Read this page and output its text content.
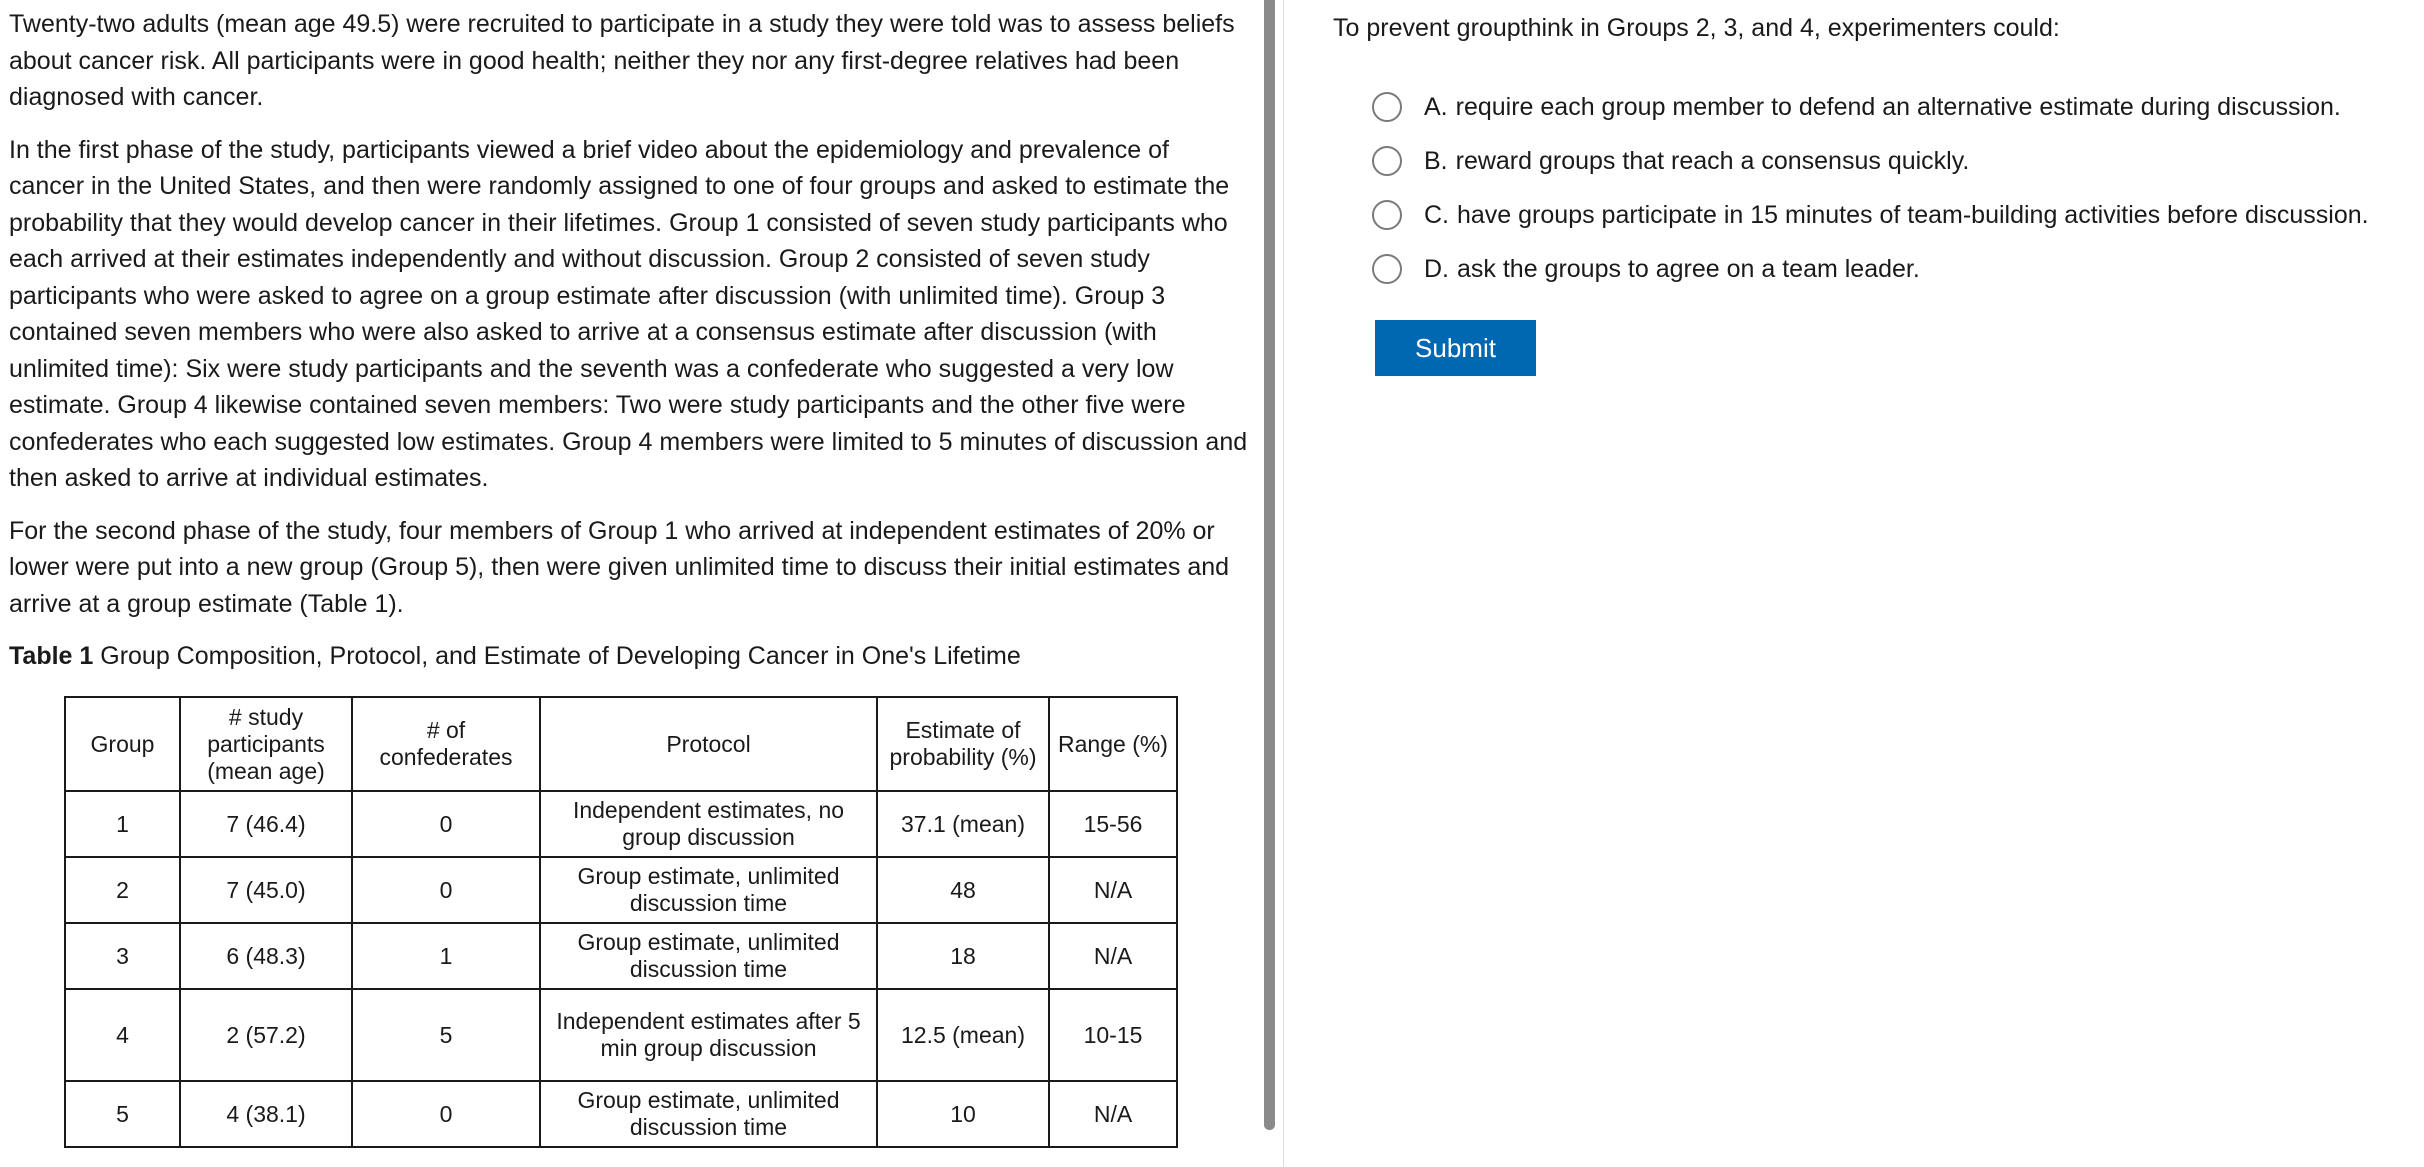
Twenty-two adults (mean age 49.5) were recruited to participate in a study they were told was to assess beliefs about cancer risk. All participants were in good health; neither they nor any first-degree relatives had been diagnosed with cancer.

In the first phase of the study, participants viewed a brief video about the epidemiology and prevalence of cancer in the United States, and then were randomly assigned to one of four groups and asked to estimate the probability that they would develop cancer in their lifetimes. Group 1 consisted of seven study participants who each arrived at their estimates independently and without discussion. Group 2 consisted of seven study participants who were asked to agree on a group estimate after discussion (with unlimited time). Group 3 contained seven members who were also asked to arrive at a consensus estimate after discussion (with unlimited time): Six were study participants and the seventh was a confederate who suggested a very low estimate. Group 4 likewise contained seven members: Two were study participants and the other five were confederates who each suggested low estimates. Group 4 members were limited to 5 minutes of discussion and then asked to arrive at individual estimates.

For the second phase of the study, four members of Group 1 who arrived at independent estimates of 20% or lower were put into a new group (Group 5), then were given unlimited time to discuss their initial estimates and arrive at a group estimate (Table 1).

Table 1 Group Composition, Protocol, and Estimate of Developing Cancer in One's Lifetime
Group	# study participants (mean age)	# of confederates	Protocol	Estimate of probability (%)	Range (%)
1	7 (46.4)	0	Independent estimates, no group discussion	37.1 (mean)	15-56
2	7 (45.0)	0	Group estimate, unlimited discussion time	48	N/A
3	6 (48.3)	1	Group estimate, unlimited discussion time	18	N/A
4	2 (57.2)	5	Independent estimates after 5 min group discussion	12.5 (mean)	10-15
5	4 (38.1)	0	Group estimate, unlimited discussion time	10	N/A
To prevent groupthink in Groups 2, 3, and 4, experimenters could:
A. require each group member to defend an alternative estimate during discussion.
B. reward groups that reach a consensus quickly.
C. have groups participate in 15 minutes of team-building activities before discussion.
D. ask the groups to agree on a team leader.
Submit
